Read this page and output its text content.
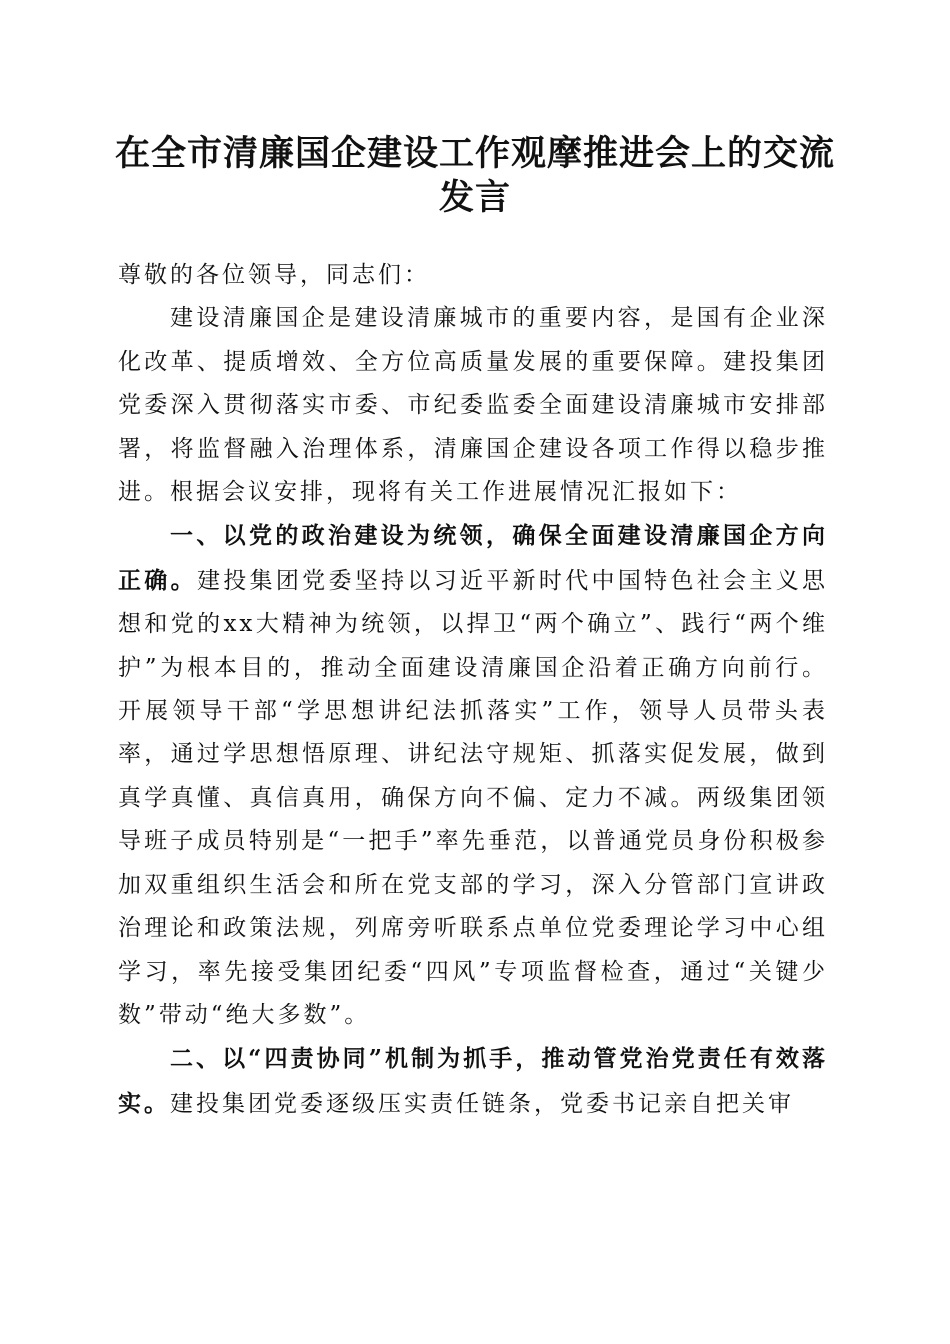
在全市清廉国企建设工作观摩推进会上的交流发言

尊敬的各位领导，同志们：

建设清廉国企是建设清廉城市的重要内容，是国有企业深化改革、提质增效、全方位高质量发展的重要保障。建投集团党委深入贯彻落实市委、市纪委监委全面建设清廉城市安排部署，将监督融入治理体系，清廉国企建设各项工作得以稳步推进。根据会议安排，现将有关工作进展情况汇报如下：

一、以党的政治建设为统领，确保全面建设清廉国企方向正确。建投集团党委坚持以习近平新时代中国特色社会主义思想和党的xx大精神为统领，以捍卫“两个确立”、践行“两个维护”为根本目的，推动全面建设清廉国企沿着正确方向前行。开展领导干部“学思想讲纪法抓落实”工作，领导人员带头表率，通过学思想悟原理、讲纪法守规矩、抓落实促发展，做到真学真懂、真信真用，确保方向不偏、定力不减。两级集团领导班子成员特别是“一把手”率先垂范，以普通党员身份积极参加双重组织生活会和所在党支部的学习，深入分管部门宣讲政治理论和政策法规，列席旁听联系点单位党委理论学习中心组学习，率先接受集团纪委“四风”专项监督检查，通过“关键少数”带动“绝大多数”。

二、以“四责协同”机制为抓手，推动管党治党责任有效落实。建投集团党委逐级压实责任链条，党委书记亲自把关审
